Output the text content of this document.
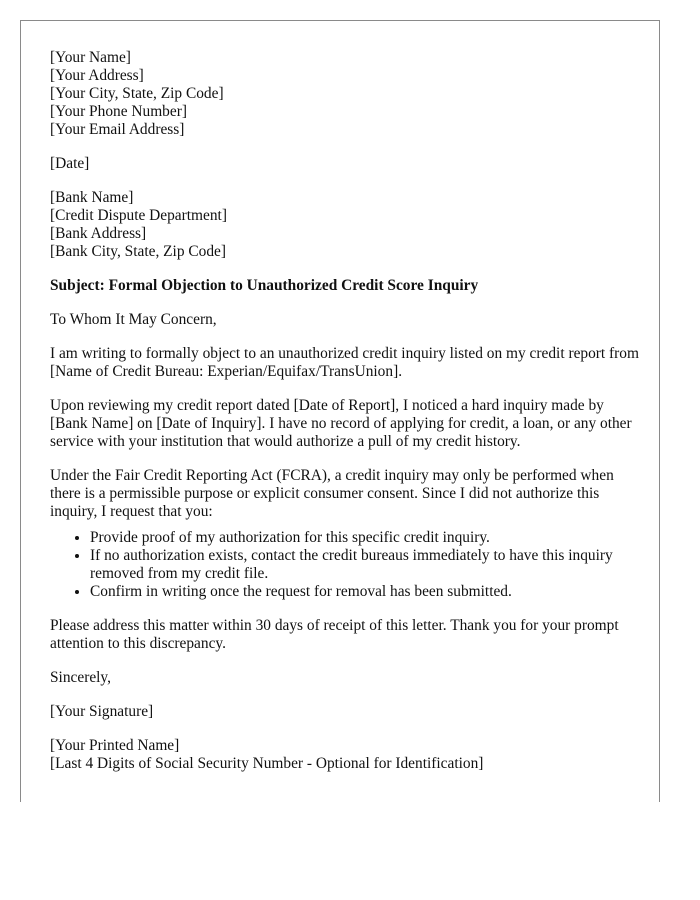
[Your Name]
[Your Address]
[Your City, State, Zip Code]
[Your Phone Number]
[Your Email Address]
[Date]
[Bank Name]
[Credit Dispute Department]
[Bank Address]
[Bank City, State, Zip Code]

Subject: Formal Objection to Unauthorized Credit Score Inquiry

To Whom It May Concern,

I am writing to formally object to an unauthorized credit inquiry listed on my credit report from [Name of Credit Bureau: Experian/Equifax/TransUnion].

Upon reviewing my credit report dated [Date of Report], I noticed a hard inquiry made by [Bank Name] on [Date of Inquiry]. I have no record of applying for credit, a loan, or any other service with your institution that would authorize a pull of my credit history.

Under the Fair Credit Reporting Act (FCRA), a credit inquiry may only be performed when there is a permissible purpose or explicit consumer consent. Since I did not authorize this inquiry, I request that you:

• Provide proof of my authorization for this specific credit inquiry.
• If no authorization exists, contact the credit bureaus immediately to have this inquiry removed from my credit file.
• Confirm in writing once the request for removal has been submitted.

Please address this matter within 30 days of receipt of this letter. Thank you for your prompt attention to this discrepancy.

Sincerely,

[Your Signature]

[Your Printed Name]
[Last 4 Digits of Social Security Number - Optional for Identification]
